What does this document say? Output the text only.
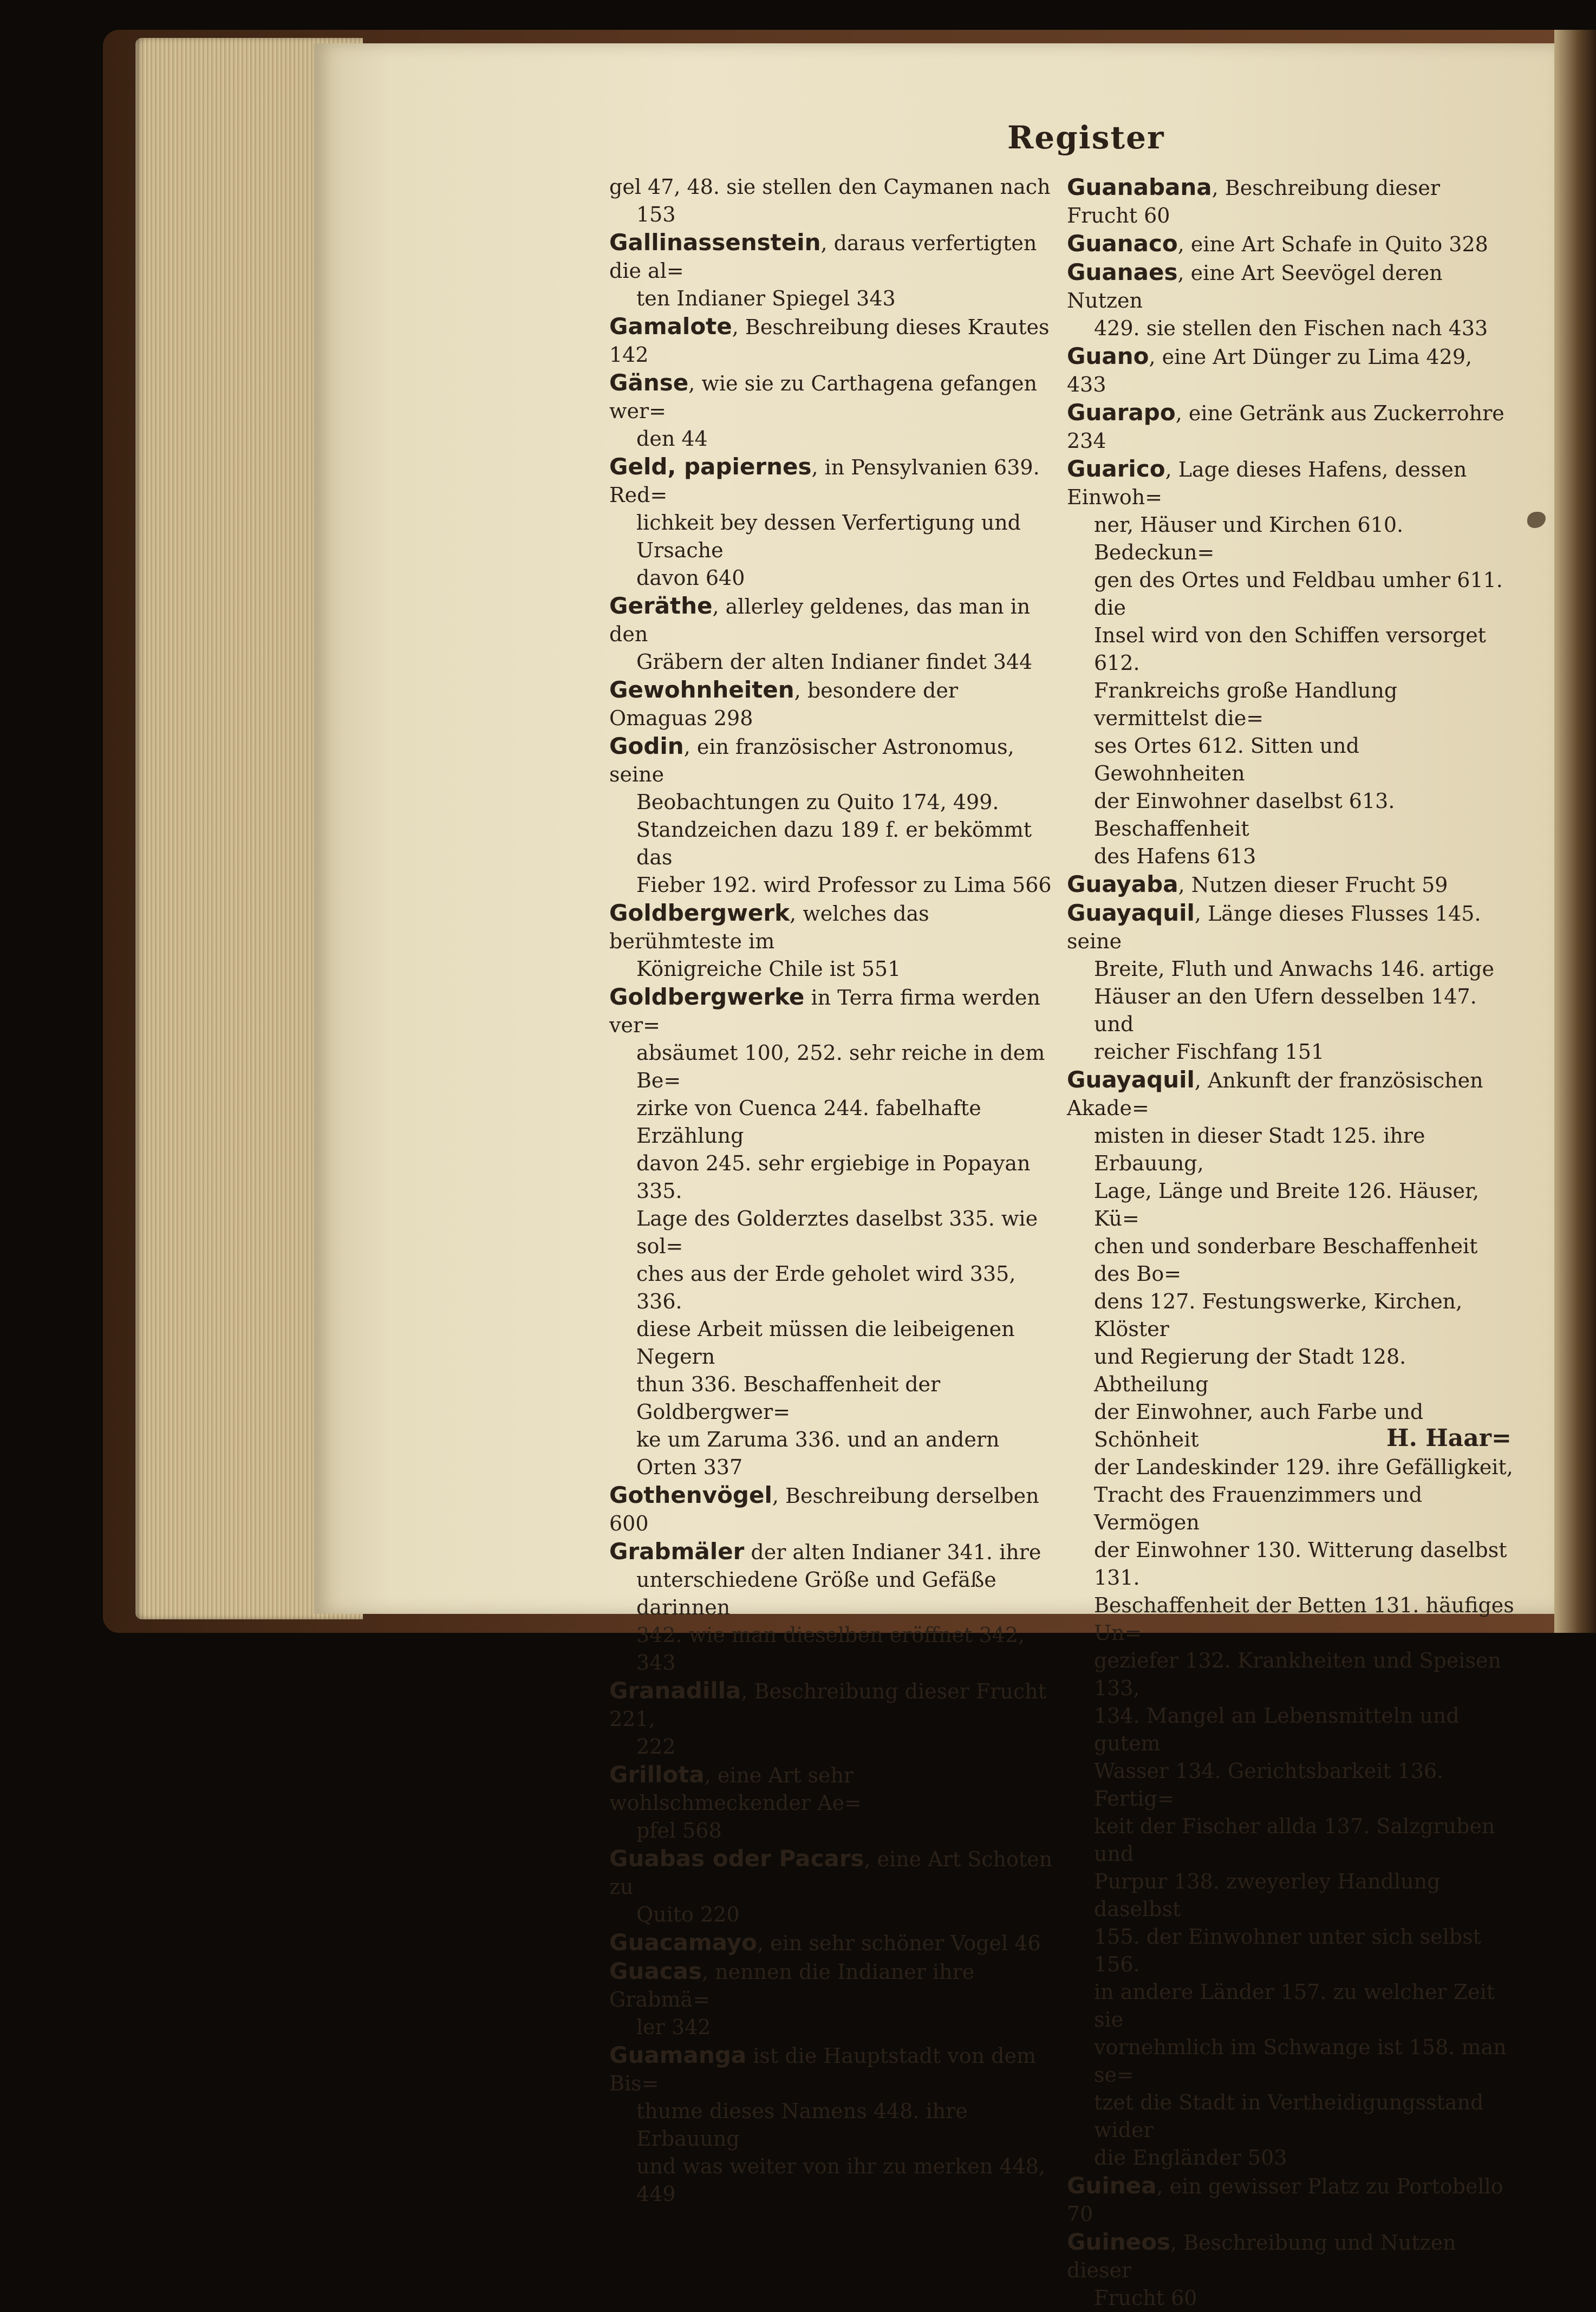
Register
gel 47, 48. sie stellen den Caymanen nach
153
Gallinassenstein, daraus verfertigten die al=
ten Indianer Spiegel 343
Gamalote, Beschreibung dieses Krautes 142
Gänse, wie sie zu Carthagena gefangen wer=
den 44
Geld, papiernes, in Pensylvanien 639. Red=
lichkeit bey dessen Verfertigung und Ursache
davon 640
Geräthe, allerley geldenes, das man in den
Gräbern der alten Indianer findet 344
Gewohnheiten, besondere der Omaguas 298
Godin, ein französischer Astronomus, seine
Beobachtungen zu Quito 174, 499.
Standzeichen dazu 189 f. er bekömmt das
Fieber 192. wird Professor zu Lima 566
Goldbergwerk, welches das berühmteste im
Königreiche Chile ist 551
Goldbergwerke in Terra firma werden ver=
absäumet 100, 252. sehr reiche in dem Be=
zirke von Cuenca 244. fabelhafte Erzählung
davon 245. sehr ergiebige in Popayan 335.
Lage des Golderztes daselbst 335. wie sol=
ches aus der Erde geholet wird 335, 336.
diese Arbeit müssen die leibeigenen Negern
thun 336. Beschaffenheit der Goldbergwer=
ke um Zaruma 336. und an andern Orten 337
Gothenvögel, Beschreibung derselben 600
Grabmäler der alten Indianer 341. ihre
unterschiedene Größe und Gefäße darinnen
342. wie man dieselben eröffnet 342, 343
Granadilla, Beschreibung dieser Frucht 221,
222
Grillota, eine Art sehr wohlschmeckender Ae=
pfel 568
Guabas oder Pacars, eine Art Schoten zu
Quito 220
Guacamayo, ein sehr schöner Vogel 46
Guacas, nennen die Indianer ihre Grabmä=
ler 342
Guamanga ist die Hauptstadt von dem Bis=
thume dieses Namens 448. ihre Erbauung
und was weiter von ihr zu merken 448, 449
Guanabana, Beschreibung dieser Frucht 60
Guanaco, eine Art Schafe in Quito 328
Guanaes, eine Art Seevögel deren Nutzen
429. sie stellen den Fischen nach 433
Guano, eine Art Dünger zu Lima 429, 433
Guarapo, eine Getränk aus Zuckerrohre 234
Guarico, Lage dieses Hafens, dessen Einwoh=
ner, Häuser und Kirchen 610. Bedeckun=
gen des Ortes und Feldbau umher 611. die
Insel wird von den Schiffen versorget 612.
Frankreichs große Handlung vermittelst die=
ses Ortes 612. Sitten und Gewohnheiten
der Einwohner daselbst 613. Beschaffenheit
des Hafens 613
Guayaba, Nutzen dieser Frucht 59
Guayaquil, Länge dieses Flusses 145. seine
Breite, Fluth und Anwachs 146. artige
Häuser an den Ufern desselben 147. und
reicher Fischfang 151
Guayaquil, Ankunft der französischen Akade=
misten in dieser Stadt 125. ihre Erbauung,
Lage, Länge und Breite 126. Häuser, Kü=
chen und sonderbare Beschaffenheit des Bo=
dens 127. Festungswerke, Kirchen, Klöster
und Regierung der Stadt 128. Abtheilung
der Einwohner, auch Farbe und Schönheit
der Landeskinder 129. ihre Gefälligkeit,
Tracht des Frauenzimmers und Vermögen
der Einwohner 130. Witterung daselbst 131.
Beschaffenheit der Betten 131. häufiges Un=
geziefer 132. Krankheiten und Speisen 133,
134. Mangel an Lebensmitteln und gutem
Wasser 134. Gerichtsbarkeit 136. Fertig=
keit der Fischer allda 137. Salzgruben und
Purpur 138. zweyerley Handlung daselbst
155. der Einwohner unter sich selbst 156.
in andere Länder 157. zu welcher Zeit sie
vornehmlich im Schwange ist 158. man se=
tzet die Stadt in Vertheidigungsstand wider
die Engländer 503
Guinea, ein gewisser Platz zu Portobello 70
Guineos, Beschreibung und Nutzen dieser
Frucht 60
H. Haar=
